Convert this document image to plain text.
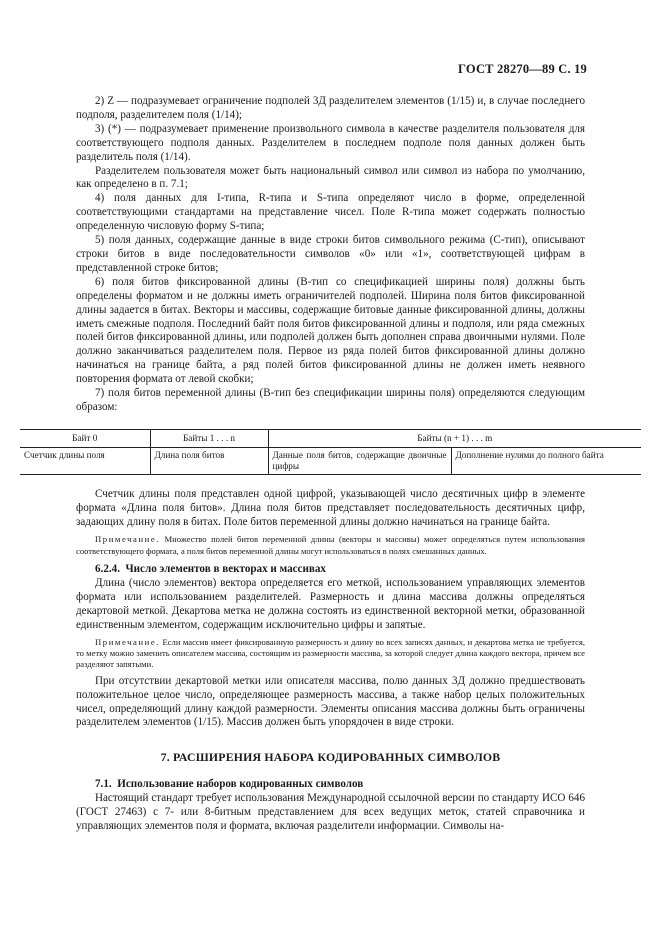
ГОСТ 28270—89 С. 19

2) Z — подразумевает ограничение подполей 3Д разделителем элементов (1/15) и, в случае последнего подполя, разделителем поля (1/14);

3) (*) — подразумевает применение произвольного символа в качестве разделителя пользователя для соответствующего подполя данных. Разделителем в последнем подполе поля данных должен быть разделитель поля (1/14).

Разделителем пользователя может быть национальный символ или символ из набора по умолчанию, как определено в п. 7.1;

4) поля данных для I-типа, R-типа и S-типа определяют число в форме, определенной соответствующими стандартами на представление чисел. Поле R-типа может содержать полностью определенную числовую форму S-типа;

5) поля данных, содержащие данные в виде строки битов символьного режима (С-тип), описывают строки битов в виде последовательности символов «0» или «1», соответствующей цифрам в представленной строке битов;

6) поля битов фиксированной длины (В-тип со спецификацией ширины поля) должны быть определены форматом и не должны иметь ограничителей подполей. Ширина поля битов фиксированной длины задается в битах. Векторы и массивы, содержащие битовые данные фиксированной длины, должны иметь смежные подполя. Последний байт поля битов фиксированной длины и подполя, или ряда смежных полей битов фиксированной длины, или подполей должен быть дополнен справа двоичными нулями. Поле должно заканчиваться разделителем поля. Первое из ряда полей битов фиксированной длины должно начинаться на границе байта, а ряд полей битов фиксированной длины не должен иметь неявного повторения формата от левой скобки;

7) поля битов переменной длины (В-тип без спецификации ширины поля) определяются следующим образом:

Байт 0	Байты 1 . . . n	Байты (n + 1) . . . m	
Счетчик длины поля	Длина поля битов	Данные поля битов, содержащие двоичные цифры	Дополнение нулями до полного байта

Счетчик длины поля представлен одной цифрой, указывающей число десятичных цифр в элементе формата «Длина поля битов». Длина поля битов представляет последовательность десятичных цифр, задающих длину поля в битах. Поле битов переменной длины должно начинаться на границе байта.

Примечание. Множество полей битов переменной длины (векторы и массивы) может определяться путем использования соответствующего формата, а поля битов переменной длины могут использоваться в полях смешанных данных.

6.2.4. Число элементов в векторах и массивах

Длина (число элементов) вектора определяется его меткой, использованием управляющих элементов формата или использованием разделителей. Размерность и длина массива должны определяться декартовой меткой. Декартова метка не должна состоять из единственной векторной метки, образованной единственным элементом, содержащим исключительно цифры и запятые.

Примечание. Если массив имеет фиксированную размерность и длину во всех записях данных, и декартова метка не требуется, то метку можно заменить описателем массива, состоящим из размерности массива, за которой следует длина каждого вектора, причем все разделяют запятыми.

При отсутствии декартовой метки или описателя массива, полю данных 3Д должно предшествовать положительное целое число, определяющее размерность массива, а также набор целых положительных чисел, определяющий длину каждой размерности. Элементы описания массива должны быть ограничены разделителем элементов (1/15). Массив должен быть упорядочен в виде строки.

7. РАСШИРЕНИЯ НАБОРА КОДИРОВАННЫХ СИМВОЛОВ

7.1. Использование наборов кодированных символов

Настоящий стандарт требует использования Международной ссылочной версии по стандарту ИСО 646 (ГОСТ 27463) с 7- или 8-битным представлением для всех ведущих меток, статей справочника и управляющих элементов поля и формата, включая разделители информации. Символы на-
